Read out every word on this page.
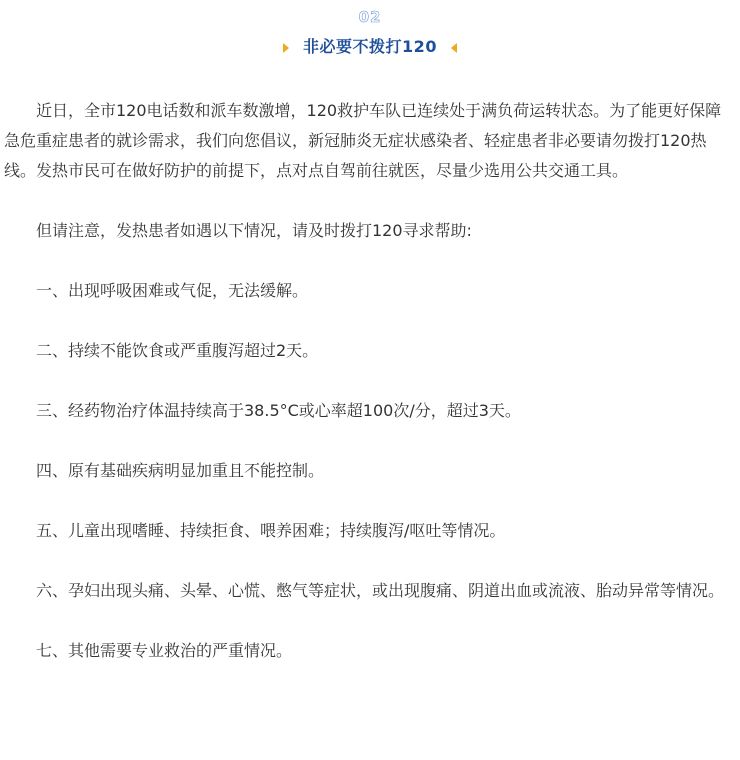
02
非必要不拨打120

近日，全市120电话数和派车数激增，120救护车队已连续处于满负荷运转状态。为了能更好保障急危重症患者的就诊需求，我们向您倡议，新冠肺炎无症状感染者、轻症患者非必要请勿拨打120热线。发热市民可在做好防护的前提下，点对点自驾前往就医，尽量少选用公共交通工具。

但请注意，发热患者如遇以下情况，请及时拨打120寻求帮助:

一、出现呼吸困难或气促，无法缓解。

二、持续不能饮食或严重腹泻超过2天。

三、经药物治疗体温持续高于38.5°C或心率超100次/分，超过3天。

四、原有基础疾病明显加重且不能控制。

五、儿童出现嗜睡、持续拒食、喂养困难；持续腹泻/呕吐等情况。

六、孕妇出现头痛、头晕、心慌、憋气等症状，或出现腹痛、阴道出血或流液、胎动异常等情况。

七、其他需要专业救治的严重情况。
